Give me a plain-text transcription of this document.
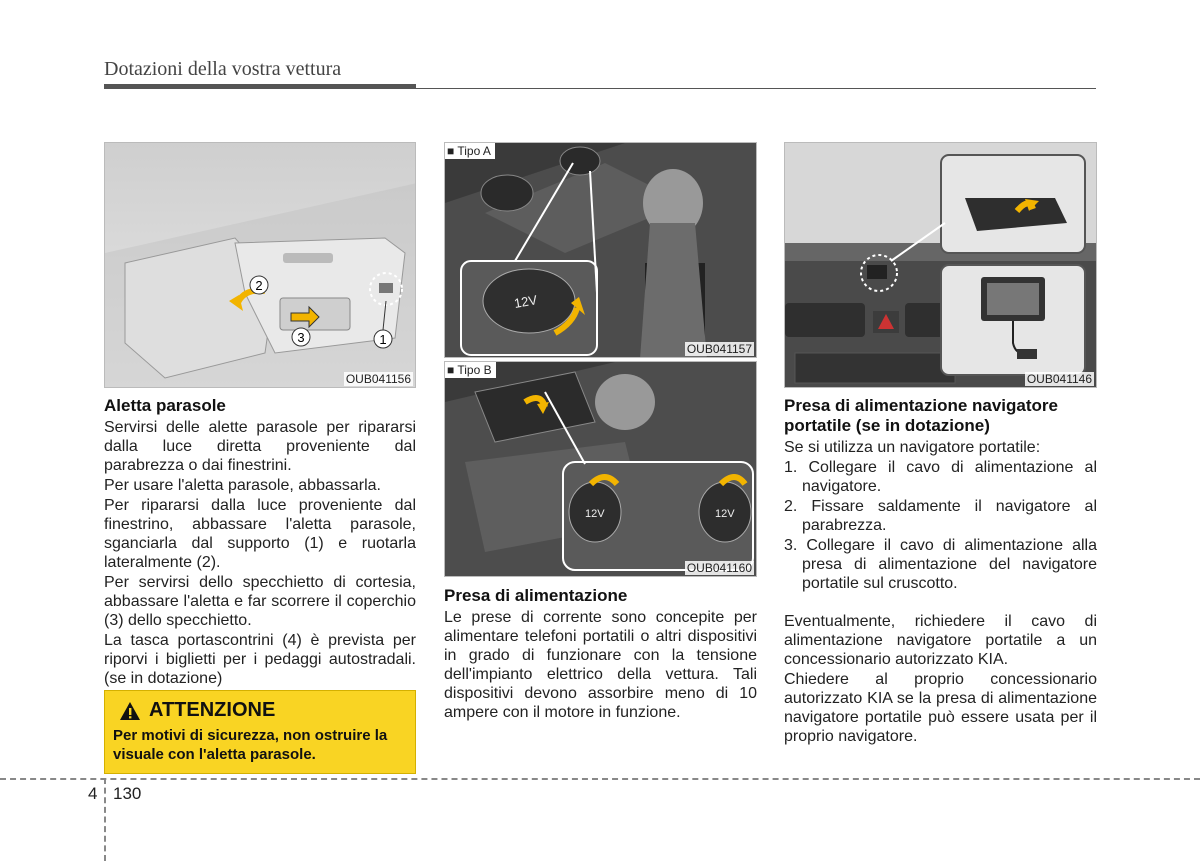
Dotazioni della vostra vettura
2
3	1
OUB041156
12V
■ Tipo A
OUB041157
12V	12V
■ Tipo B
OUB041160
OUB041146
Aletta parasole

Servirsi delle alette parasole per ripararsi dalla luce diretta proveniente dal parabrezza o dai finestrini.

Per usare l'aletta parasole, abbassarla.

Per ripararsi dalla luce proveniente dal finestrino, abbassare l'aletta parasole, sganciarla dal supporto (1) e ruotarla lateralmente (2).

Per servirsi dello specchietto di cortesia, abbassare l'aletta e far scorrere il coperchio (3) dello specchietto.

La tasca portascontrini (4) è prevista per riporvi i biglietti per i pedaggi autostradali. (se in dotazione)

ATTENZIONE
Per motivi di sicurezza, non ostruire la visuale con l'aletta parasole.
Presa di alimentazione

Le prese di corrente sono concepite per alimentare telefoni portatili o altri dispositivi in grado di funzionare con la tensione dell'impianto elettrico della vettura. Tali dispositivi devono assorbire meno di 10 ampere con il motore in funzione.

Presa di alimentazione navigatore portatile (se in dotazione)

Se si utilizza un navigatore portatile:

1. Collegare il cavo di alimentazione al navigatore.
2. Fissare saldamente il navigatore al parabrezza.
3. Collegare il cavo di alimentazione alla presa di alimentazione del navigatore portatile sul cruscotto.

Eventualmente, richiedere il cavo di alimentazione navigatore portatile a un concessionario autorizzato KIA.

Chiedere al proprio concessionario autorizzato KIA se la presa di alimentazione navigatore portatile può essere usata per il proprio navigatore.

4 130
